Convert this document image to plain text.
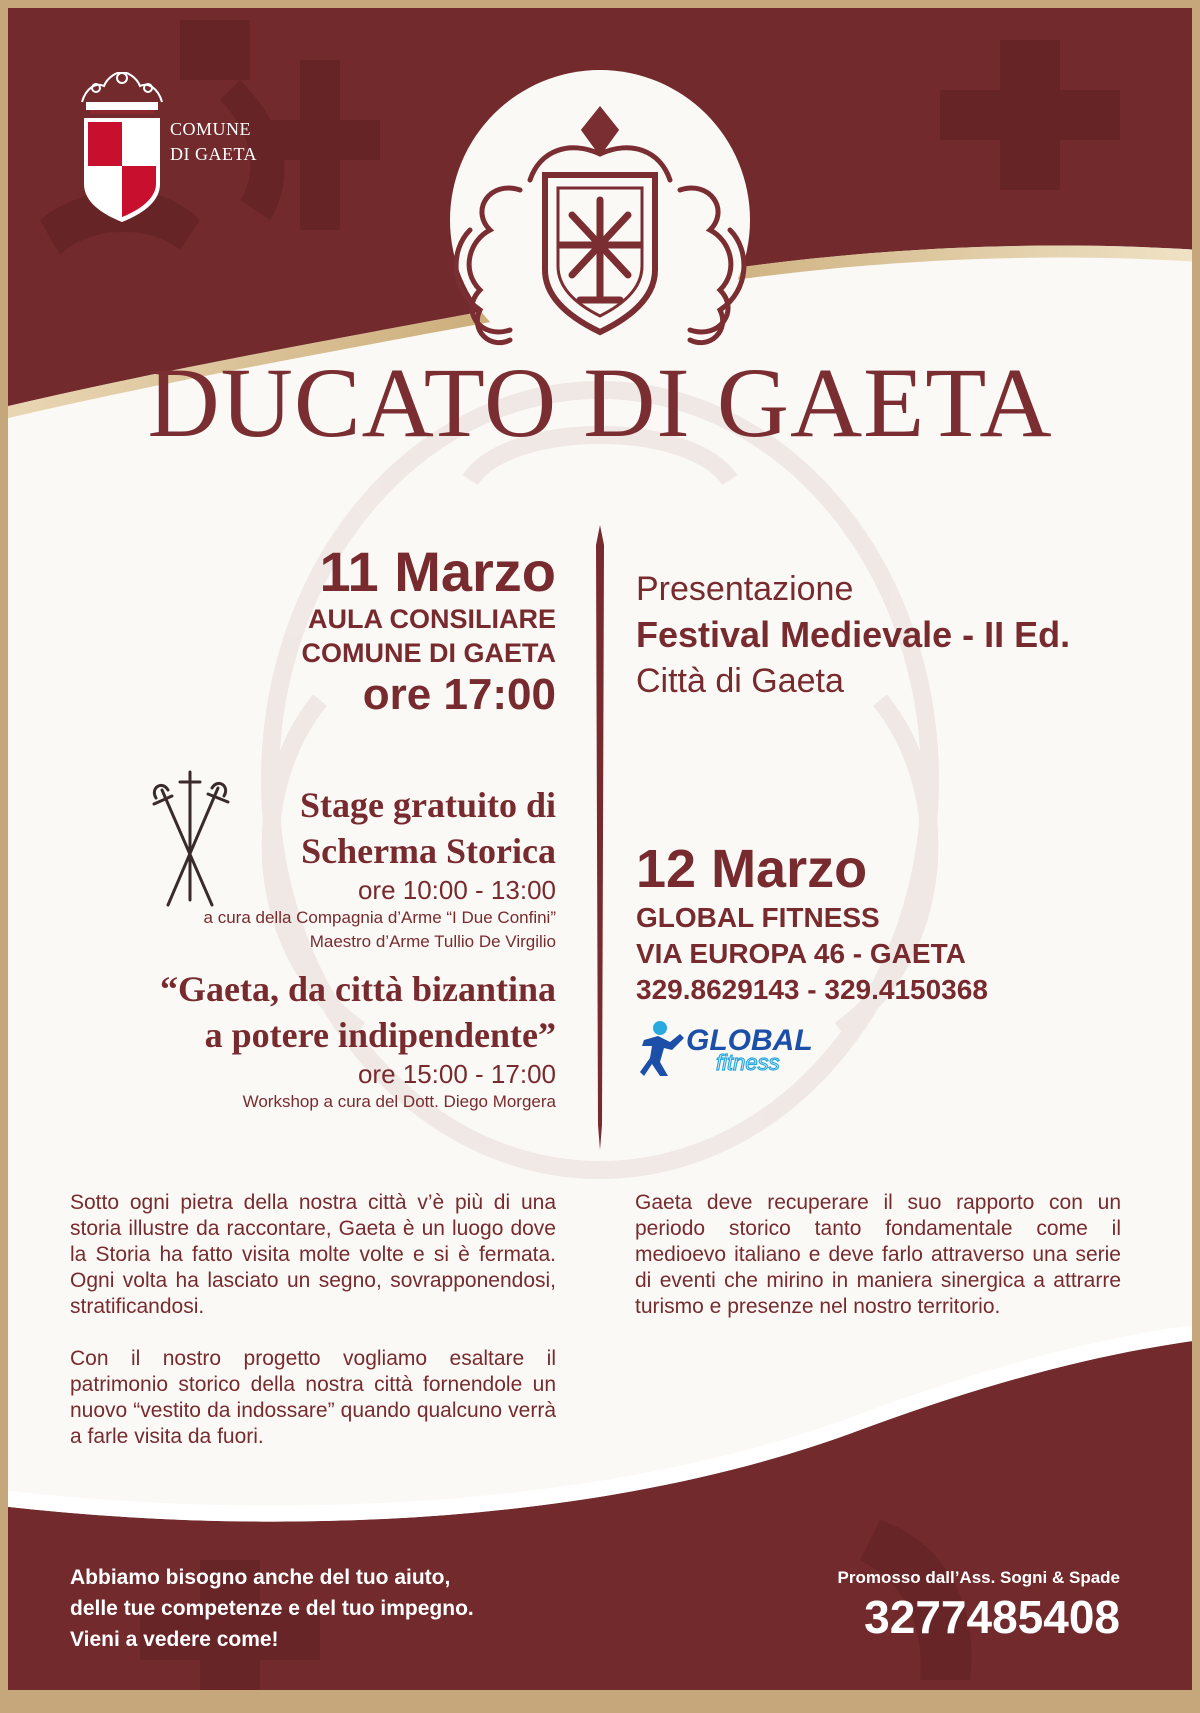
COMUNE
DI GAETA
DUCATO DI GAETA
11 Marzo
AULA CONSILIARE
COMUNE DI GAETA
ore 17:00
Stage gratuito di
Scherma Storica
ore 10:00 - 13:00
a cura della Compagnia d’Arme “I Due Confini”
Maestro d’Arme Tullio De Virgilio
“Gaeta, da città bizantina
a potere indipendente”
ore 15:00 - 17:00
Workshop a cura del Dott. Diego Morgera
Presentazione
Festival Medievale - II Ed.
Città di Gaeta
12 Marzo
GLOBAL FITNESS
VIA EUROPA 46 - GAETA
329.8629143 - 329.4150368
GLOBAL
fitness

Sotto ogni pietra della nostra città v’è più di una storia illustre da raccontare, Gaeta è un luogo dove la Storia ha fatto visita molte volte e si è fermata. Ogni volta ha lasciato un segno, sovrapponendosi, stratificandosi.

Con il nostro progetto vogliamo esaltare il patrimonio storico della nostra città fornendole un nuovo “vestito da indossare” quando qualcuno verrà a farle visita da fuori.

Gaeta deve recuperare il suo rapporto con un periodo storico tanto fondamentale come il medioevo italiano e deve farlo attraverso una serie di eventi che mirino in maniera sinergica a attrarre turismo e presenze nel nostro territorio.

Abbiamo bisogno anche del tuo aiuto,
delle tue competenze e del tuo impegno.
Vieni a vedere come!
Promosso dall’Ass. Sogni & Spade
3277485408
